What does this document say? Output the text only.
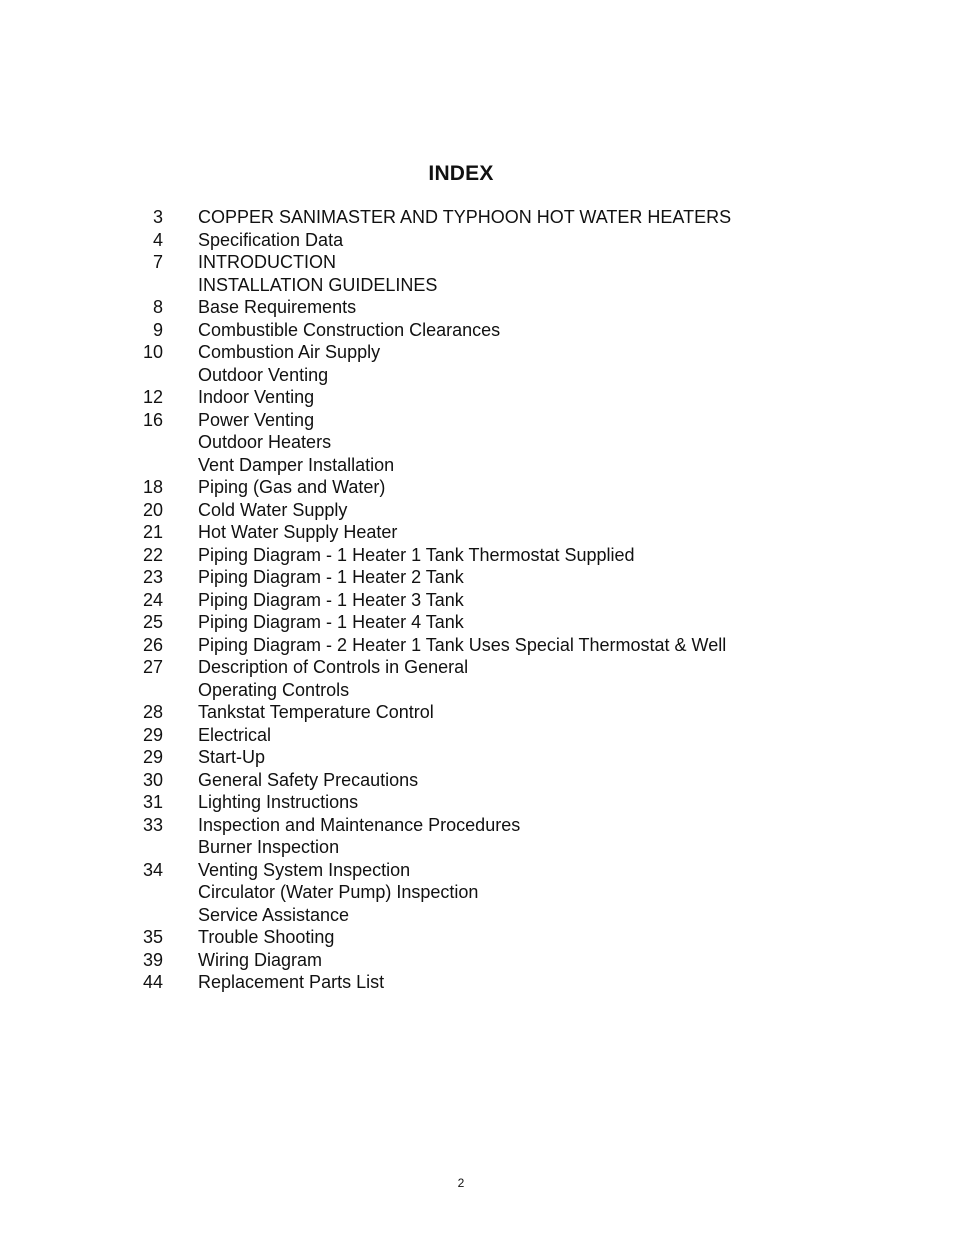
INDEX
3 COPPER SANIMASTER AND TYPHOON HOT WATER HEATERS
4 Specification Data
7 INTRODUCTION
INSTALLATION GUIDELINES
8 Base Requirements
9 Combustible Construction Clearances
10 Combustion Air Supply
Outdoor Venting
12 Indoor Venting
16 Power Venting
Outdoor Heaters
Vent Damper Installation
18 Piping (Gas and Water)
20 Cold Water Supply
21 Hot Water Supply Heater
22 Piping Diagram - 1 Heater 1 Tank Thermostat Supplied
23 Piping Diagram - 1 Heater 2 Tank
24 Piping Diagram - 1 Heater 3 Tank
25 Piping Diagram - 1 Heater 4 Tank
26 Piping Diagram - 2 Heater 1 Tank Uses Special Thermostat & Well
27 Description of Controls in General
Operating Controls
28 Tankstat Temperature Control
29 Electrical
29 Start-Up
30 General Safety Precautions
31 Lighting Instructions
33 Inspection and Maintenance Procedures
Burner Inspection
34 Venting System Inspection
Circulator (Water Pump) Inspection
Service Assistance
35 Trouble Shooting
39 Wiring Diagram
44 Replacement Parts List
2
